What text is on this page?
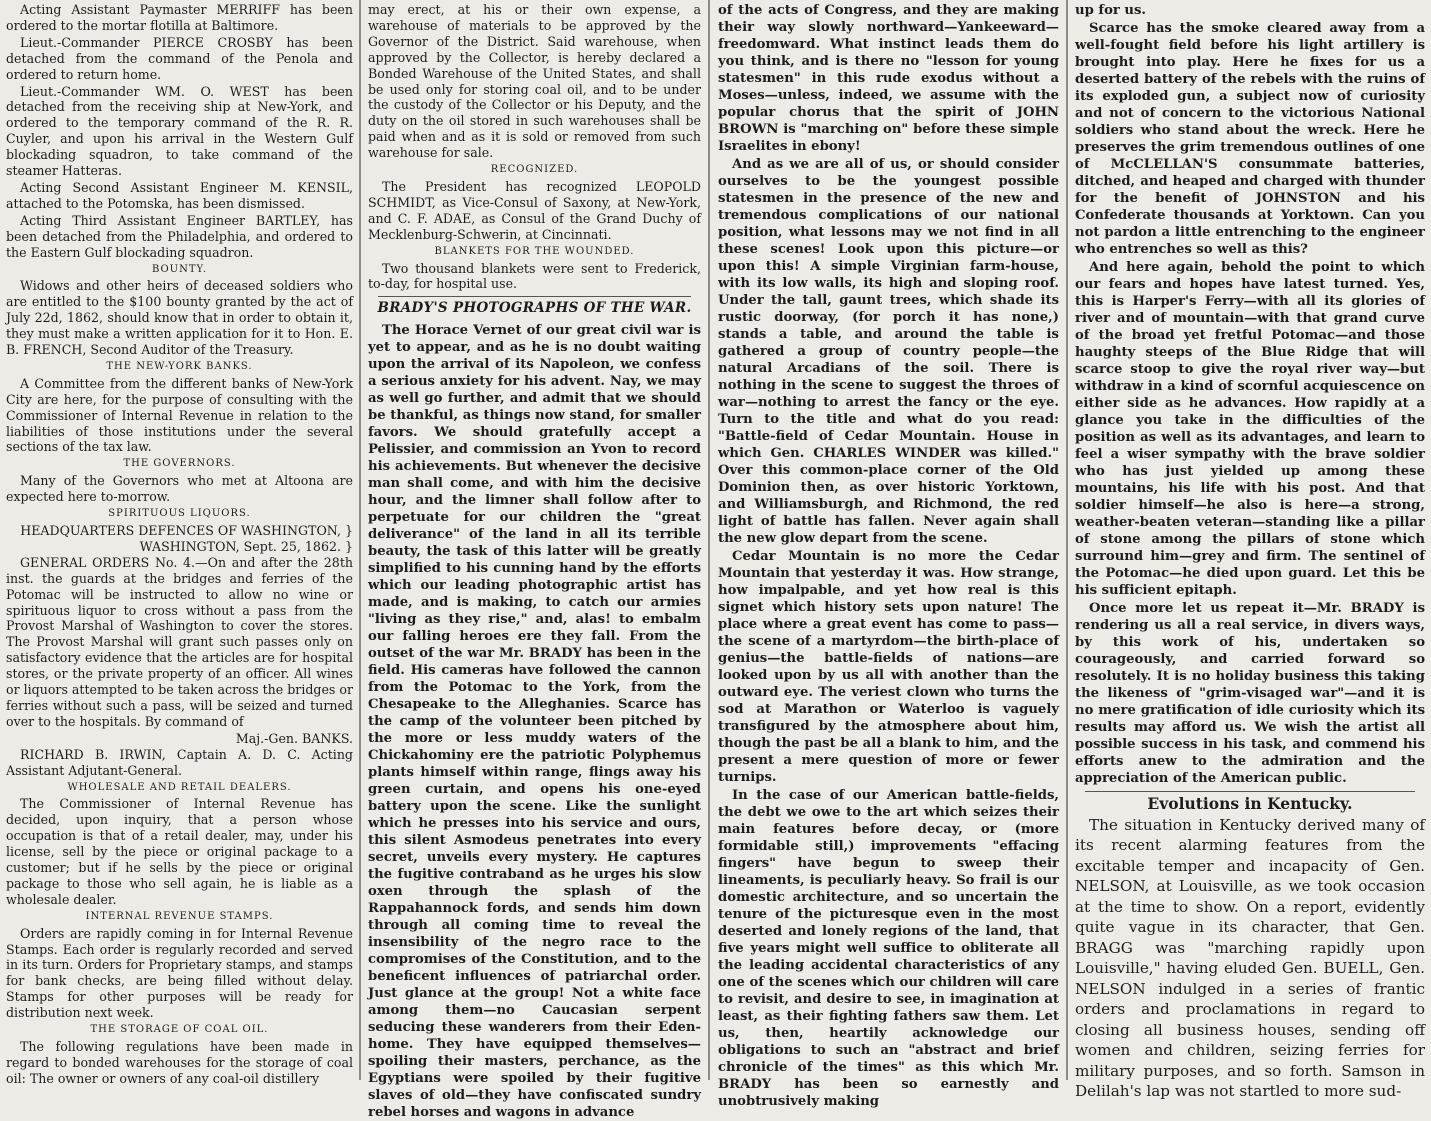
Acting Assistant Paymaster MERRIFF has been ordered to the mortar flotilla at Baltimore.

Lieut.-Commander PIERCE CROSBY has been detached from the command of the Penola and ordered to return home.

Lieut.-Commander WM. O. WEST has been detached from the receiving ship at New-York, and ordered to the temporary command of the R. R. Cuyler, and upon his arrival in the Western Gulf blockading squadron, to take command of the steamer Hatteras.

Acting Second Assistant Engineer M. KENSIL, attached to the Potomska, has been dismissed.

Acting Third Assistant Engineer BARTLEY, has been detached from the Philadelphia, and ordered to the Eastern Gulf blockading squadron.

BOUNTY.

Widows and other heirs of deceased soldiers who are entitled to the $100 bounty granted by the act of July 22d, 1862, should know that in order to obtain it, they must make a written application for it to Hon. E. B. FRENCH, Second Auditor of the Treasury.

THE NEW-YORK BANKS.

A Committee from the different banks of New-York City are here, for the purpose of consulting with the Commissioner of Internal Revenue in relation to the liabilities of those institutions under the several sections of the tax law.

THE GOVERNORS.

Many of the Governors who met at Altoona are expected here to-morrow.

SPIRITUOUS LIQUORS.

HEADQUARTERS DEFENCES OF WASHINGTON, }

WASHINGTON, Sept. 25, 1862. }

GENERAL ORDERS No. 4.—On and after the 28th inst. the guards at the bridges and ferries of the Potomac will be instructed to allow no wine or spirituous liquor to cross without a pass from the Provost Marshal of Washington to cover the stores. The Provost Marshal will grant such passes only on satisfactory evidence that the articles are for hospital stores, or the private property of an officer. All wines or liquors attempted to be taken across the bridges or ferries without such a pass, will be seized and turned over to the hospitals. By command of

Maj.-Gen. BANKS.

RICHARD B. IRWIN, Captain A. D. C. Acting Assistant Adjutant-General.

WHOLESALE AND RETAIL DEALERS.

The Commissioner of Internal Revenue has decided, upon inquiry, that a person whose occupation is that of a retail dealer, may, under his license, sell by the piece or original package to a customer; but if he sells by the piece or original package to those who sell again, he is liable as a wholesale dealer.

INTERNAL REVENUE STAMPS.

Orders are rapidly coming in for Internal Revenue Stamps. Each order is regularly recorded and served in its turn. Orders for Proprietary stamps, and stamps for bank checks, are being filled without delay. Stamps for other purposes will be ready for distribution next week.

THE STORAGE OF COAL OIL.

The following regulations have been made in regard to bonded warehouses for the storage of coal oil: The owner or owners of any coal-oil distillery

may erect, at his or their own expense, a warehouse of materials to be approved by the Governor of the District. Said warehouse, when approved by the Collector, is hereby declared a Bonded Warehouse of the United States, and shall be used only for storing coal oil, and to be under the custody of the Collector or his Deputy, and the duty on the oil stored in such warehouses shall be paid when and as it is sold or removed from such warehouse for sale.

RECOGNIZED.

The President has recognized LEOPOLD SCHMIDT, as Vice-Consul of Saxony, at New-York, and C. F. ADAE, as Consul of the Grand Duchy of Mecklenburg-Schwerin, at Cincinnati.

BLANKETS FOR THE WOUNDED.

Two thousand blankets were sent to Frederick, to-day, for hospital use.

BRADY'S PHOTOGRAPHS OF THE WAR.

The Horace Vernet of our great civil war is yet to appear, and as he is no doubt waiting upon the arrival of its Napoleon, we confess a serious anxiety for his advent. Nay, we may as well go further, and admit that we should be thankful, as things now stand, for smaller favors. We should gratefully accept a Pelissier, and commission an Yvon to record his achievements. But whenever the decisive man shall come, and with him the decisive hour, and the limner shall follow after to perpetuate for our children the "great deliverance" of the land in all its terrible beauty, the task of this latter will be greatly simplified to his cunning hand by the efforts which our leading photographic artist has made, and is making, to catch our armies "living as they rise," and, alas! to embalm our falling heroes ere they fall. From the outset of the war Mr. BRADY has been in the field. His cameras have followed the cannon from the Potomac to the York, from the Chesapeake to the Alleghanies. Scarce has the camp of the volunteer been pitched by the more or less muddy waters of the Chickahominy ere the patriotic Polyphemus plants himself within range, flings away his green curtain, and opens his one-eyed battery upon the scene. Like the sunlight which he presses into his service and ours, this silent Asmodeus penetrates into every secret, unveils every mystery. He captures the fugitive contraband as he urges his slow oxen through the splash of the Rappahannock fords, and sends him down through all coming time to reveal the insensibility of the negro race to the compromises of the Constitution, and to the beneficent influences of patriarchal order. Just glance at the group! Not a white face among them—no Caucasian serpent seducing these wanderers from their Eden-home. They have equipped themselves—spoiling their masters, perchance, as the Egyptians were spoiled by their fugitive slaves of old—they have confiscated sundry rebel horses and wagons in advance

of the acts of Congress, and they are making their way slowly northward—Yankeeward—freedomward. What instinct leads them do you think, and is there no "lesson for young statesmen" in this rude exodus without a Moses—unless, indeed, we assume with the popular chorus that the spirit of JOHN BROWN is "marching on" before these simple Israelites in ebony!

And as we are all of us, or should consider ourselves to be the youngest possible statesmen in the presence of the new and tremendous complications of our national position, what lessons may we not find in all these scenes! Look upon this picture—or upon this! A simple Virginian farm-house, with its low walls, its high and sloping roof. Under the tall, gaunt trees, which shade its rustic doorway, (for porch it has none,) stands a table, and around the table is gathered a group of country people—the natural Arcadians of the soil. There is nothing in the scene to suggest the throes of war—nothing to arrest the fancy or the eye. Turn to the title and what do you read: "Battle-field of Cedar Mountain. House in which Gen. CHARLES WINDER was killed." Over this common-place corner of the Old Dominion then, as over historic Yorktown, and Williamsburgh, and Richmond, the red light of battle has fallen. Never again shall the new glow depart from the scene.

Cedar Mountain is no more the Cedar Mountain that yesterday it was. How strange, how impalpable, and yet how real is this signet which history sets upon nature! The place where a great event has come to pass—the scene of a martyrdom—the birth-place of genius—the battle-fields of nations—are looked upon by us all with another than the outward eye. The veriest clown who turns the sod at Marathon or Waterloo is vaguely transfigured by the atmosphere about him, though the past be all a blank to him, and the present a mere question of more or fewer turnips.

In the case of our American battle-fields, the debt we owe to the art which seizes their main features before decay, or (more formidable still,) improvements "effacing fingers" have begun to sweep their lineaments, is peculiarly heavy. So frail is our domestic architecture, and so uncertain the tenure of the picturesque even in the most deserted and lonely regions of the land, that five years might well suffice to obliterate all the leading accidental characteristics of any one of the scenes which our children will care to revisit, and desire to see, in imagination at least, as their fighting fathers saw them. Let us, then, heartily acknowledge our obligations to such an "abstract and brief chronicle of the times" as this which Mr. BRADY has been so earnestly and unobtrusively making

up for us.

Scarce has the smoke cleared away from a well-fought field before his light artillery is brought into play. Here he fixes for us a deserted battery of the rebels with the ruins of its exploded gun, a subject now of curiosity and not of concern to the victorious National soldiers who stand about the wreck. Here he preserves the grim tremendous outlines of one of McCLELLAN'S consummate batteries, ditched, and heaped and charged with thunder for the benefit of JOHNSTON and his Confederate thousands at Yorktown. Can you not pardon a little entrenching to the engineer who entrenches so well as this?

And here again, behold the point to which our fears and hopes have latest turned. Yes, this is Harper's Ferry—with all its glories of river and of mountain—with that grand curve of the broad yet fretful Potomac—and those haughty steeps of the Blue Ridge that will scarce stoop to give the royal river way—but withdraw in a kind of scornful acquiescence on either side as he advances. How rapidly at a glance you take in the difficulties of the position as well as its advantages, and learn to feel a wiser sympathy with the brave soldier who has just yielded up among these mountains, his life with his post. And that soldier himself—he also is here—a strong, weather-beaten veteran—standing like a pillar of stone among the pillars of stone which surround him—grey and firm. The sentinel of the Potomac—he died upon guard. Let this be his sufficient epitaph.

Once more let us repeat it—Mr. BRADY is rendering us all a real service, in divers ways, by this work of his, undertaken so courageously, and carried forward so resolutely. It is no holiday business this taking the likeness of "grim-visaged war"—and it is no mere gratification of idle curiosity which its results may afford us. We wish the artist all possible success in his task, and commend his efforts anew to the admiration and the appreciation of the American public.

Evolutions in Kentucky.

The situation in Kentucky derived many of its recent alarming features from the excitable temper and incapacity of Gen. NELSON, at Louisville, as we took occasion at the time to show. On a report, evidently quite vague in its character, that Gen. BRAGG was "marching rapidly upon Louisville," having eluded Gen. BUELL, Gen. NELSON indulged in a series of frantic orders and proclamations in regard to closing all business houses, sending off women and children, seizing ferries for military purposes, and so forth. Samson in Delilah's lap was not startled to more sud-
